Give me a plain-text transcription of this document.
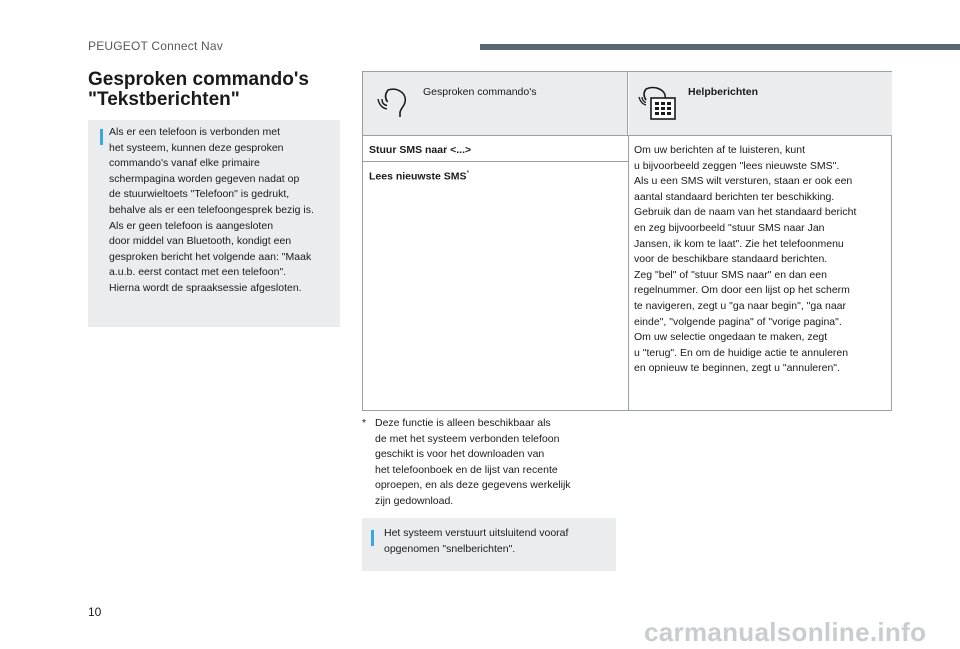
PEUGEOT Connect Nav
Gesproken commando's
"Tekstberichten"

Als er een telefoon is verbonden met
het systeem, kunnen deze gesproken
commando's vanaf elke primaire
schermpagina worden gegeven nadat op
de stuurwieltoets "Telefoon" is gedrukt,
behalve als er een telefoongesprek bezig is.
Als er geen telefoon is aangesloten
door middel van Bluetooth, kondigt een
gesproken bericht het volgende aan: "Maak
a.u.b. eerst contact met een telefoon".
Hierna wordt de spraaksessie afgesloten.

Gesproken commando's	Helpberichten
Stuur SMS naar <...>
Lees nieuwste SMS*
Om uw berichten af te luisteren, kunt
u bijvoorbeeld zeggen "lees nieuwste SMS".
Als u een SMS wilt versturen, staan er ook een
aantal standaard berichten ter beschikking.
Gebruik dan de naam van het standaard bericht
en zeg bijvoorbeeld "stuur SMS naar Jan
Jansen, ik kom te laat". Zie het telefoonmenu
voor de beschikbare standaard berichten.
Zeg "bel" of "stuur SMS naar" en dan een
regelnummer. Om door een lijst op het scherm
te navigeren, zegt u "ga naar begin", "ga naar
einde", "volgende pagina" of "vorige pagina".
Om uw selectie ongedaan te maken, zegt
u "terug". En om de huidige actie te annuleren
en opnieuw te beginnen, zegt u "annuleren".
* Deze functie is alleen beschikbaar als
de met het systeem verbonden telefoon
geschikt is voor het downloaden van
het telefoonboek en de lijst van recente
oproepen, en als deze gegevens werkelijk
zijn gedownload.

Het systeem verstuurt uitsluitend vooraf
opgenomen "snelberichten".

10
carmanualsonline.info
